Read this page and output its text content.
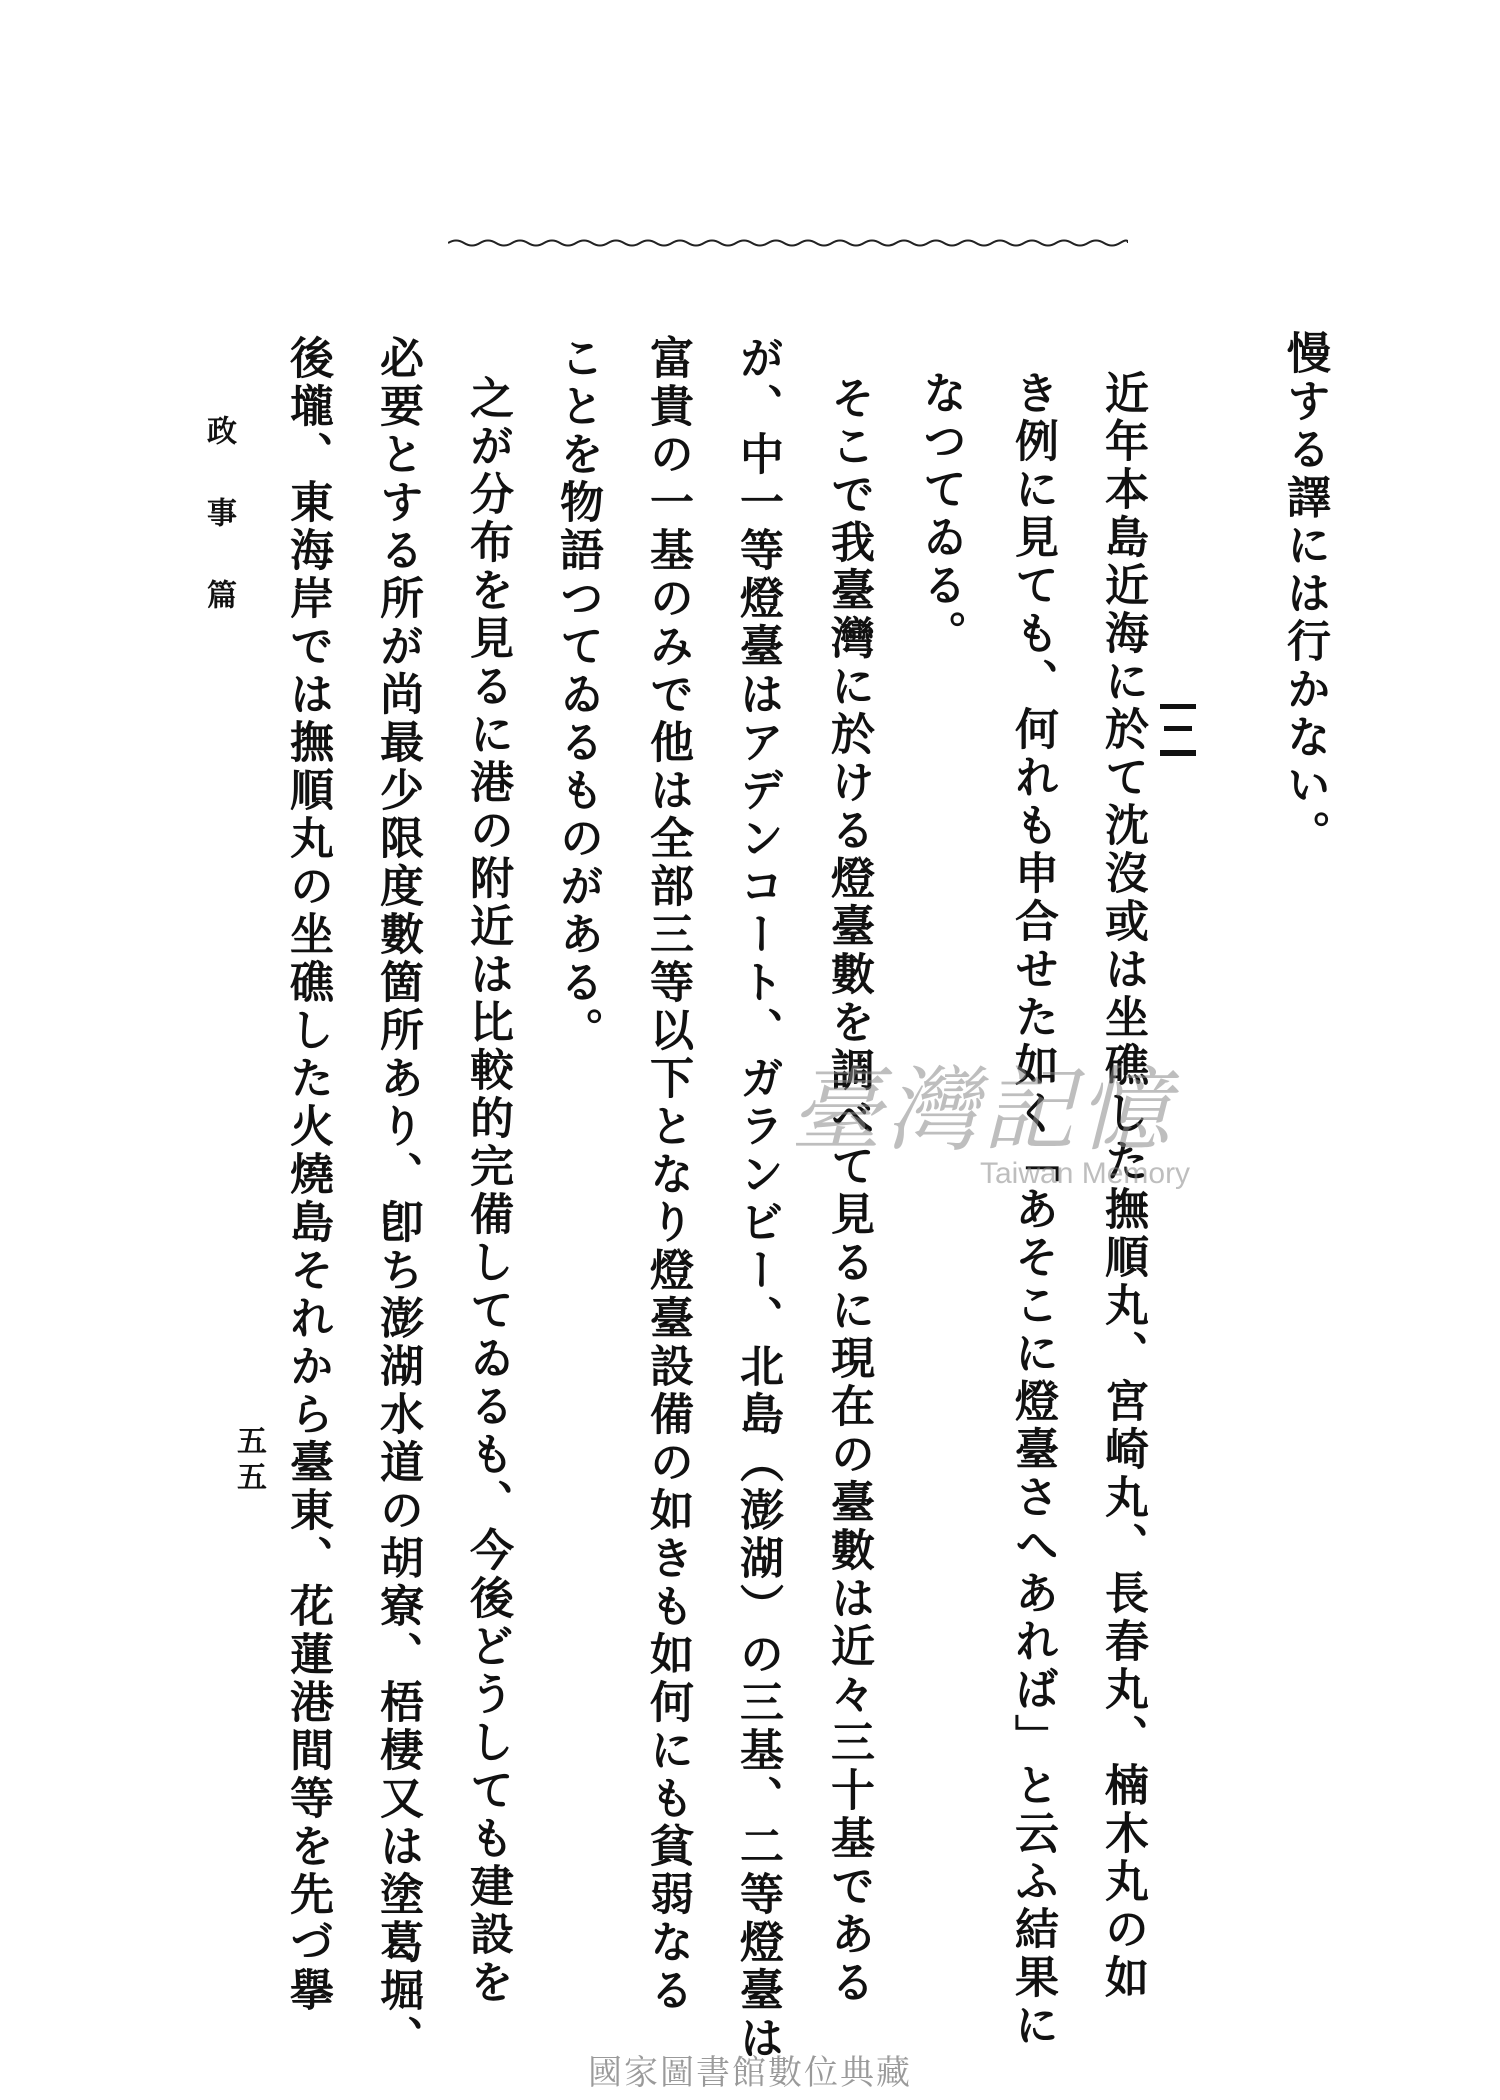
慢する譯には行かない。
近年本島近海に於て沈沒或は坐礁した撫順丸、宮崎丸、長春丸、楠木丸の如
き例に見ても、何れも申合せた如く「あそこに燈臺さへあれば」と云ふ結果に
なつてゐる。
そこで我臺灣に於ける燈臺數を調べて見るに現在の臺數は近々三十基である
が、中一等燈臺はアデンコート、ガランビー、北島（澎湖）の三基、二等燈臺は
富貴の一基のみで他は全部三等以下となり燈臺設備の如きも如何にも貧弱なる
ことを物語つてゐるものがある。
之が分布を見るに港の附近は比較的完備してゐるも、今後どうしても建設を
必要とする所が尚最少限度數箇所あり、卽ち澎湖水道の胡寮、梧棲又は塗葛堀、
後壠、東海岸では撫順丸の坐礁した火燒島それから臺東、花蓮港間等を先づ擧
政事篇
五五
臺灣記憶
Taiwan Memory
國家圖書館數位典藏
